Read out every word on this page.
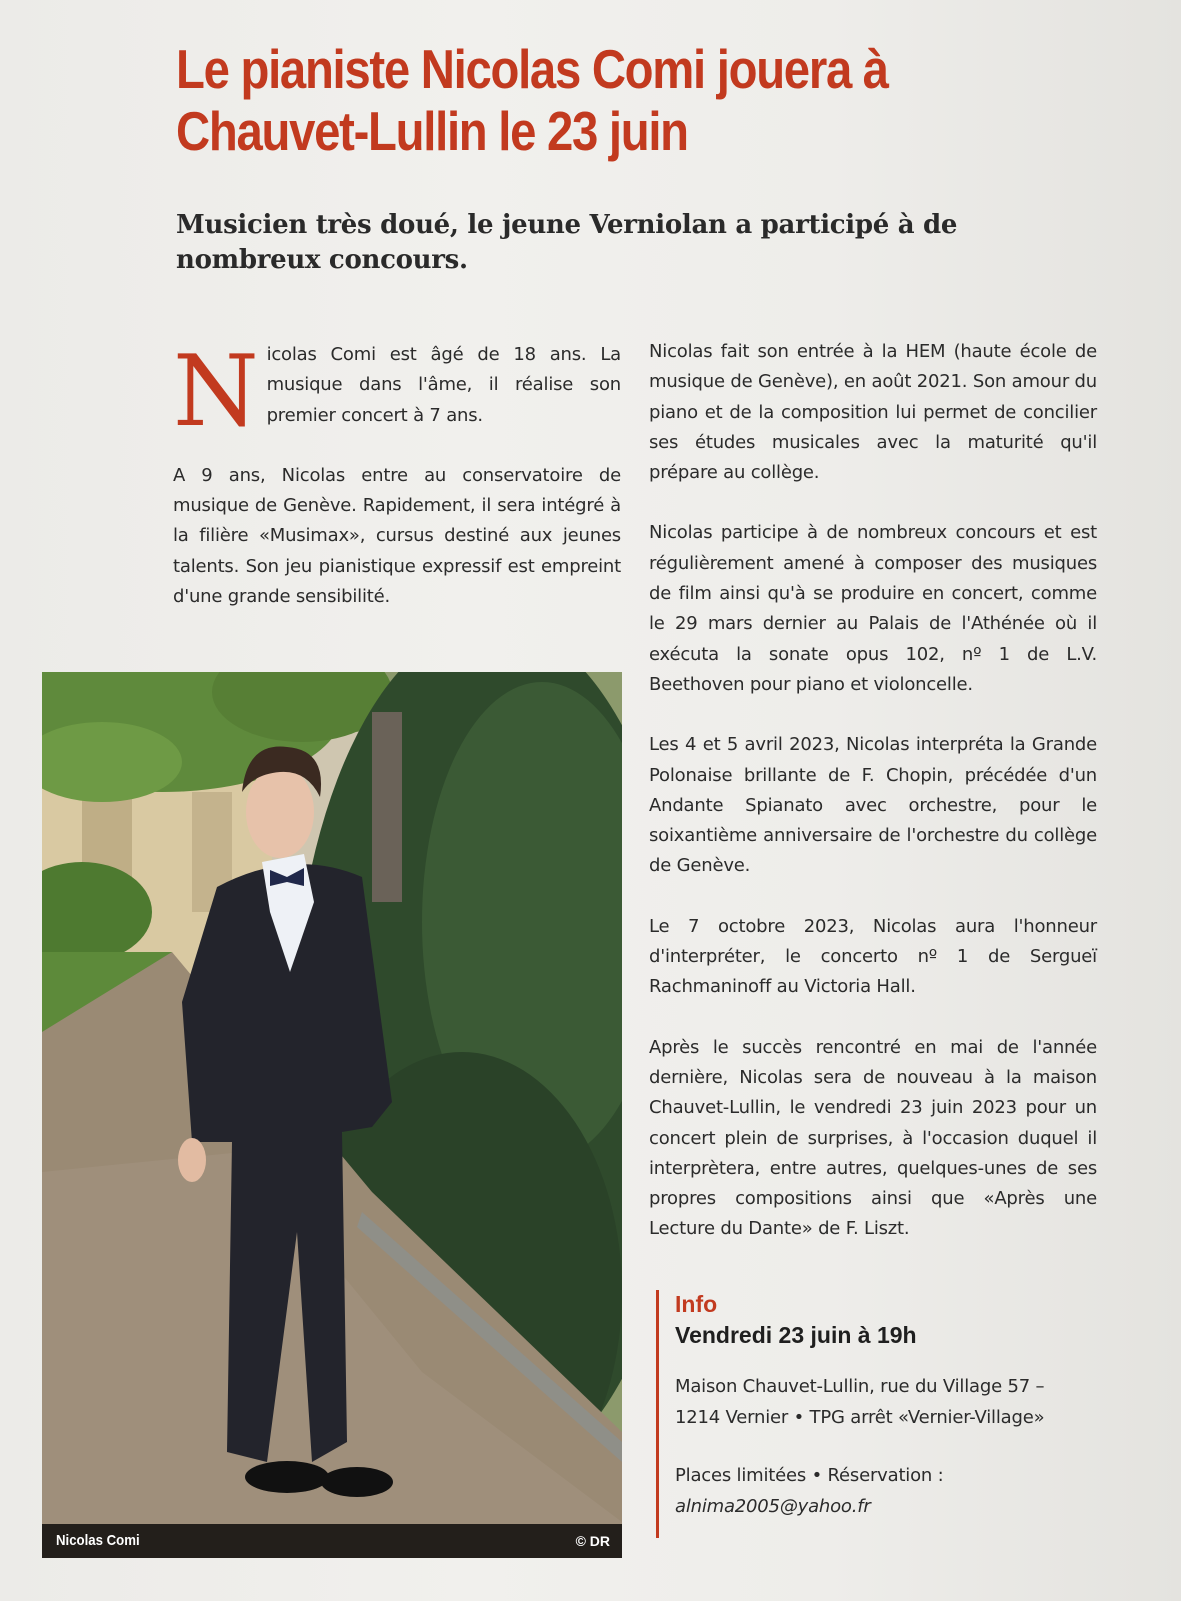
Le pianiste Nicolas Comi jouera à
Chauvet-Lullin le 23 juin
Musicien très doué, le jeune Verniolan a participé à de
nombreux concours.

Nicolas Comi est âgé de 18 ans. La musique dans l'âme, il réalise son premier concert à 7 ans.

A 9 ans, Nicolas entre au conservatoire de musique de Genève. Rapidement, il sera intégré à la filière «Musimax», cursus destiné aux jeunes talents. Son jeu pianistique expressif est empreint d'une grande sensibilité.

Nicolas fait son entrée à la HEM (haute école de musique de Genève), en août 2021. Son amour du piano et de la composition lui permet de concilier ses études musicales avec la maturité qu'il prépare au collège.

Nicolas participe à de nombreux concours et est régulièrement amené à composer des musiques de film ainsi qu'à se produire en concert, comme le 29 mars dernier au Palais de l'Athénée où il exécuta la sonate opus 102, nº 1 de L.V. Beethoven pour piano et violoncelle.

Les 4 et 5 avril 2023, Nicolas interpréta la Grande Polonaise brillante de F. Chopin, précédée d'un Andante Spianato avec orchestre, pour le soixantième anniversaire de l'orchestre du collège de Genève.

Le 7 octobre 2023, Nicolas aura l'honneur d'interpréter, le concerto nº 1 de Sergueï Rachmaninoff au Victoria Hall.

Après le succès rencontré en mai de l'année dernière, Nicolas sera de nouveau à la maison Chauvet-Lullin, le vendredi 23 juin 2023 pour un concert plein de surprises, à l'occasion duquel il interprètera, entre autres, quelques-unes de ses propres compositions ainsi que «Après une Lecture du Dante» de F. Liszt.

Nicolas Comi	© DR

Info

Vendredi 23 juin à 19h

Maison Chauvet-Lullin, rue du Village 57 –
1214 Vernier • TPG arrêt «Vernier-Village»

Places limitées • Réservation :
alnima2005@yahoo.fr
